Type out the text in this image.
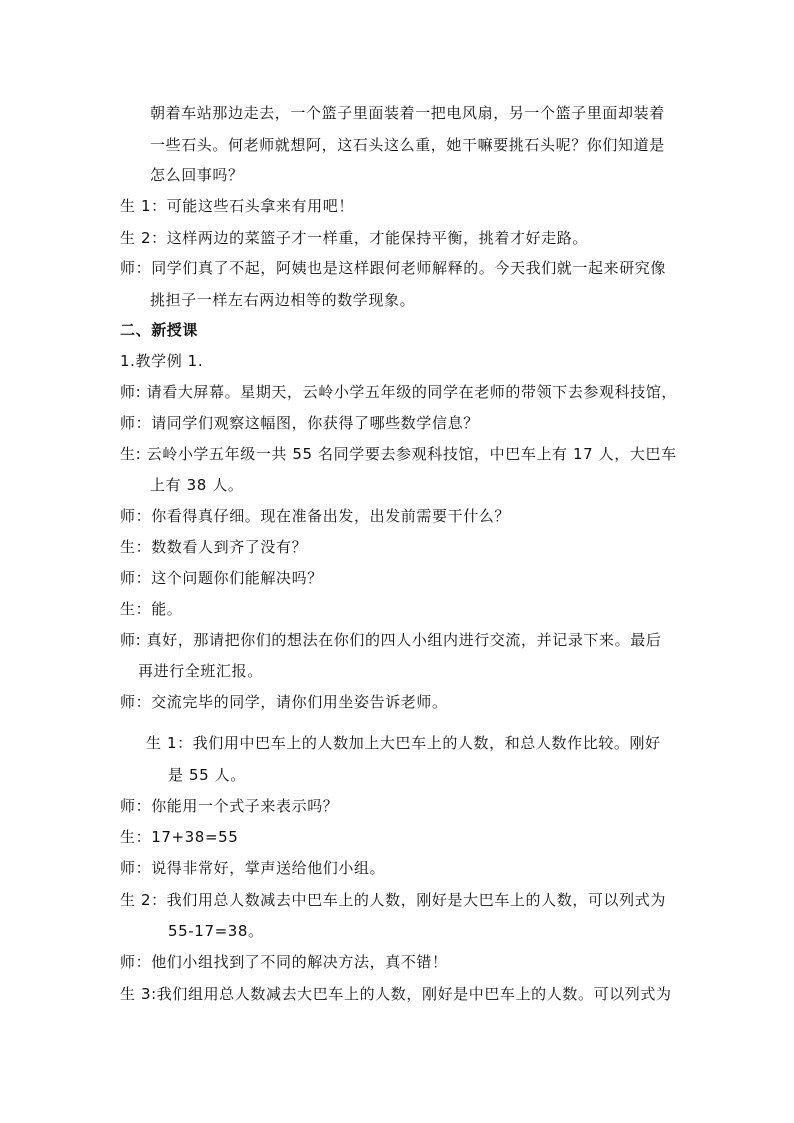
朝着车站那边走去，一个篮子里面装着一把电风扇，另一个篮子里面却装着
一些石头。何老师就想阿，这石头这么重，她干嘛要挑石头呢？你们知道是
怎么回事吗？
生 1：可能这些石头拿来有用吧！
生 2：这样两边的菜篮子才一样重，才能保持平衡，挑着才好走路。
师：同学们真了不起，阿姨也是这样跟何老师解释的。今天我们就一起来研究像
挑担子一样左右两边相等的数学现象。
二、新授课
1.教学例 1.
师: 请看大屏幕。星期天，云岭小学五年级的同学在老师的带领下去参观科技馆，
师：请同学们观察这幅图，你获得了哪些数学信息？
生: 云岭小学五年级一共 55 名同学要去参观科技馆，中巴车上有 17 人，大巴车
上有 38 人。
师：你看得真仔细。现在准备出发，出发前需要干什么？
生：数数看人到齐了没有？
师：这个问题你们能解决吗？
生：能。
师: 真好，那请把你们的想法在你们的四人小组内进行交流，并记录下来。最后
再进行全班汇报。
师：交流完毕的同学，请你们用坐姿告诉老师。
生 1：我们用中巴车上的人数加上大巴车上的人数，和总人数作比较。刚好
是 55 人。
师：你能用一个式子来表示吗？
生：17+38=55
师：说得非常好，掌声送给他们小组。
生 2：我们用总人数减去中巴车上的人数，刚好是大巴车上的人数，可以列式为
55-17=38。
师：他们小组找到了不同的解决方法，真不错！
生 3:我们组用总人数减去大巴车上的人数，刚好是中巴车上的人数。可以列式为
